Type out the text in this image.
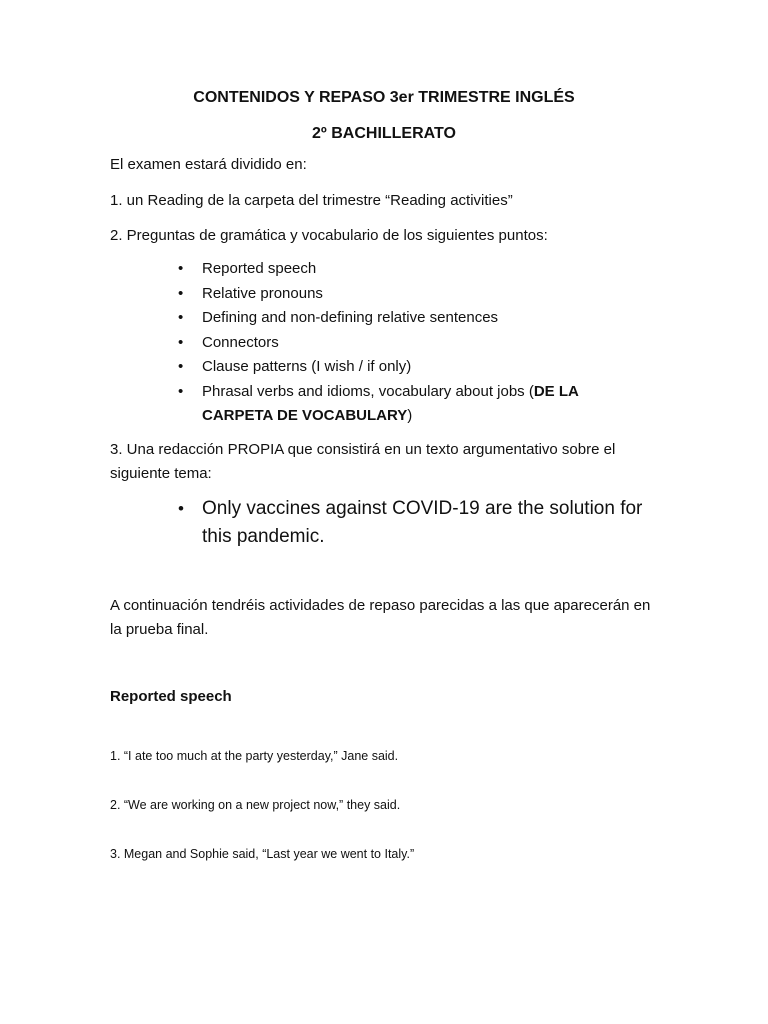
CONTENIDOS Y REPASO 3er TRIMESTRE INGLÉS
2º BACHILLERATO
El examen estará dividido en:
1. un Reading de la carpeta del trimestre “Reading activities”
2. Preguntas de gramática y vocabulario de los siguientes puntos:
• Reported speech
• Relative pronouns
• Defining and non-defining relative sentences
• Connectors
• Clause patterns (I wish / if only)
• Phrasal verbs and idioms, vocabulary about jobs (DE LA CARPETA DE VOCABULARY)
3. Una redacción PROPIA que consistirá en un texto argumentativo sobre el siguiente tema:
• Only vaccines against COVID-19 are the solution for this pandemic.
A continuación tendréis actividades de repaso parecidas a las que aparecerán en la prueba final.
Reported speech
1. “I ate too much at the party yesterday,” Jane said.
2. “We are working on a new project now,” they said.
3. Megan and Sophie said, “Last year we went to Italy.”
